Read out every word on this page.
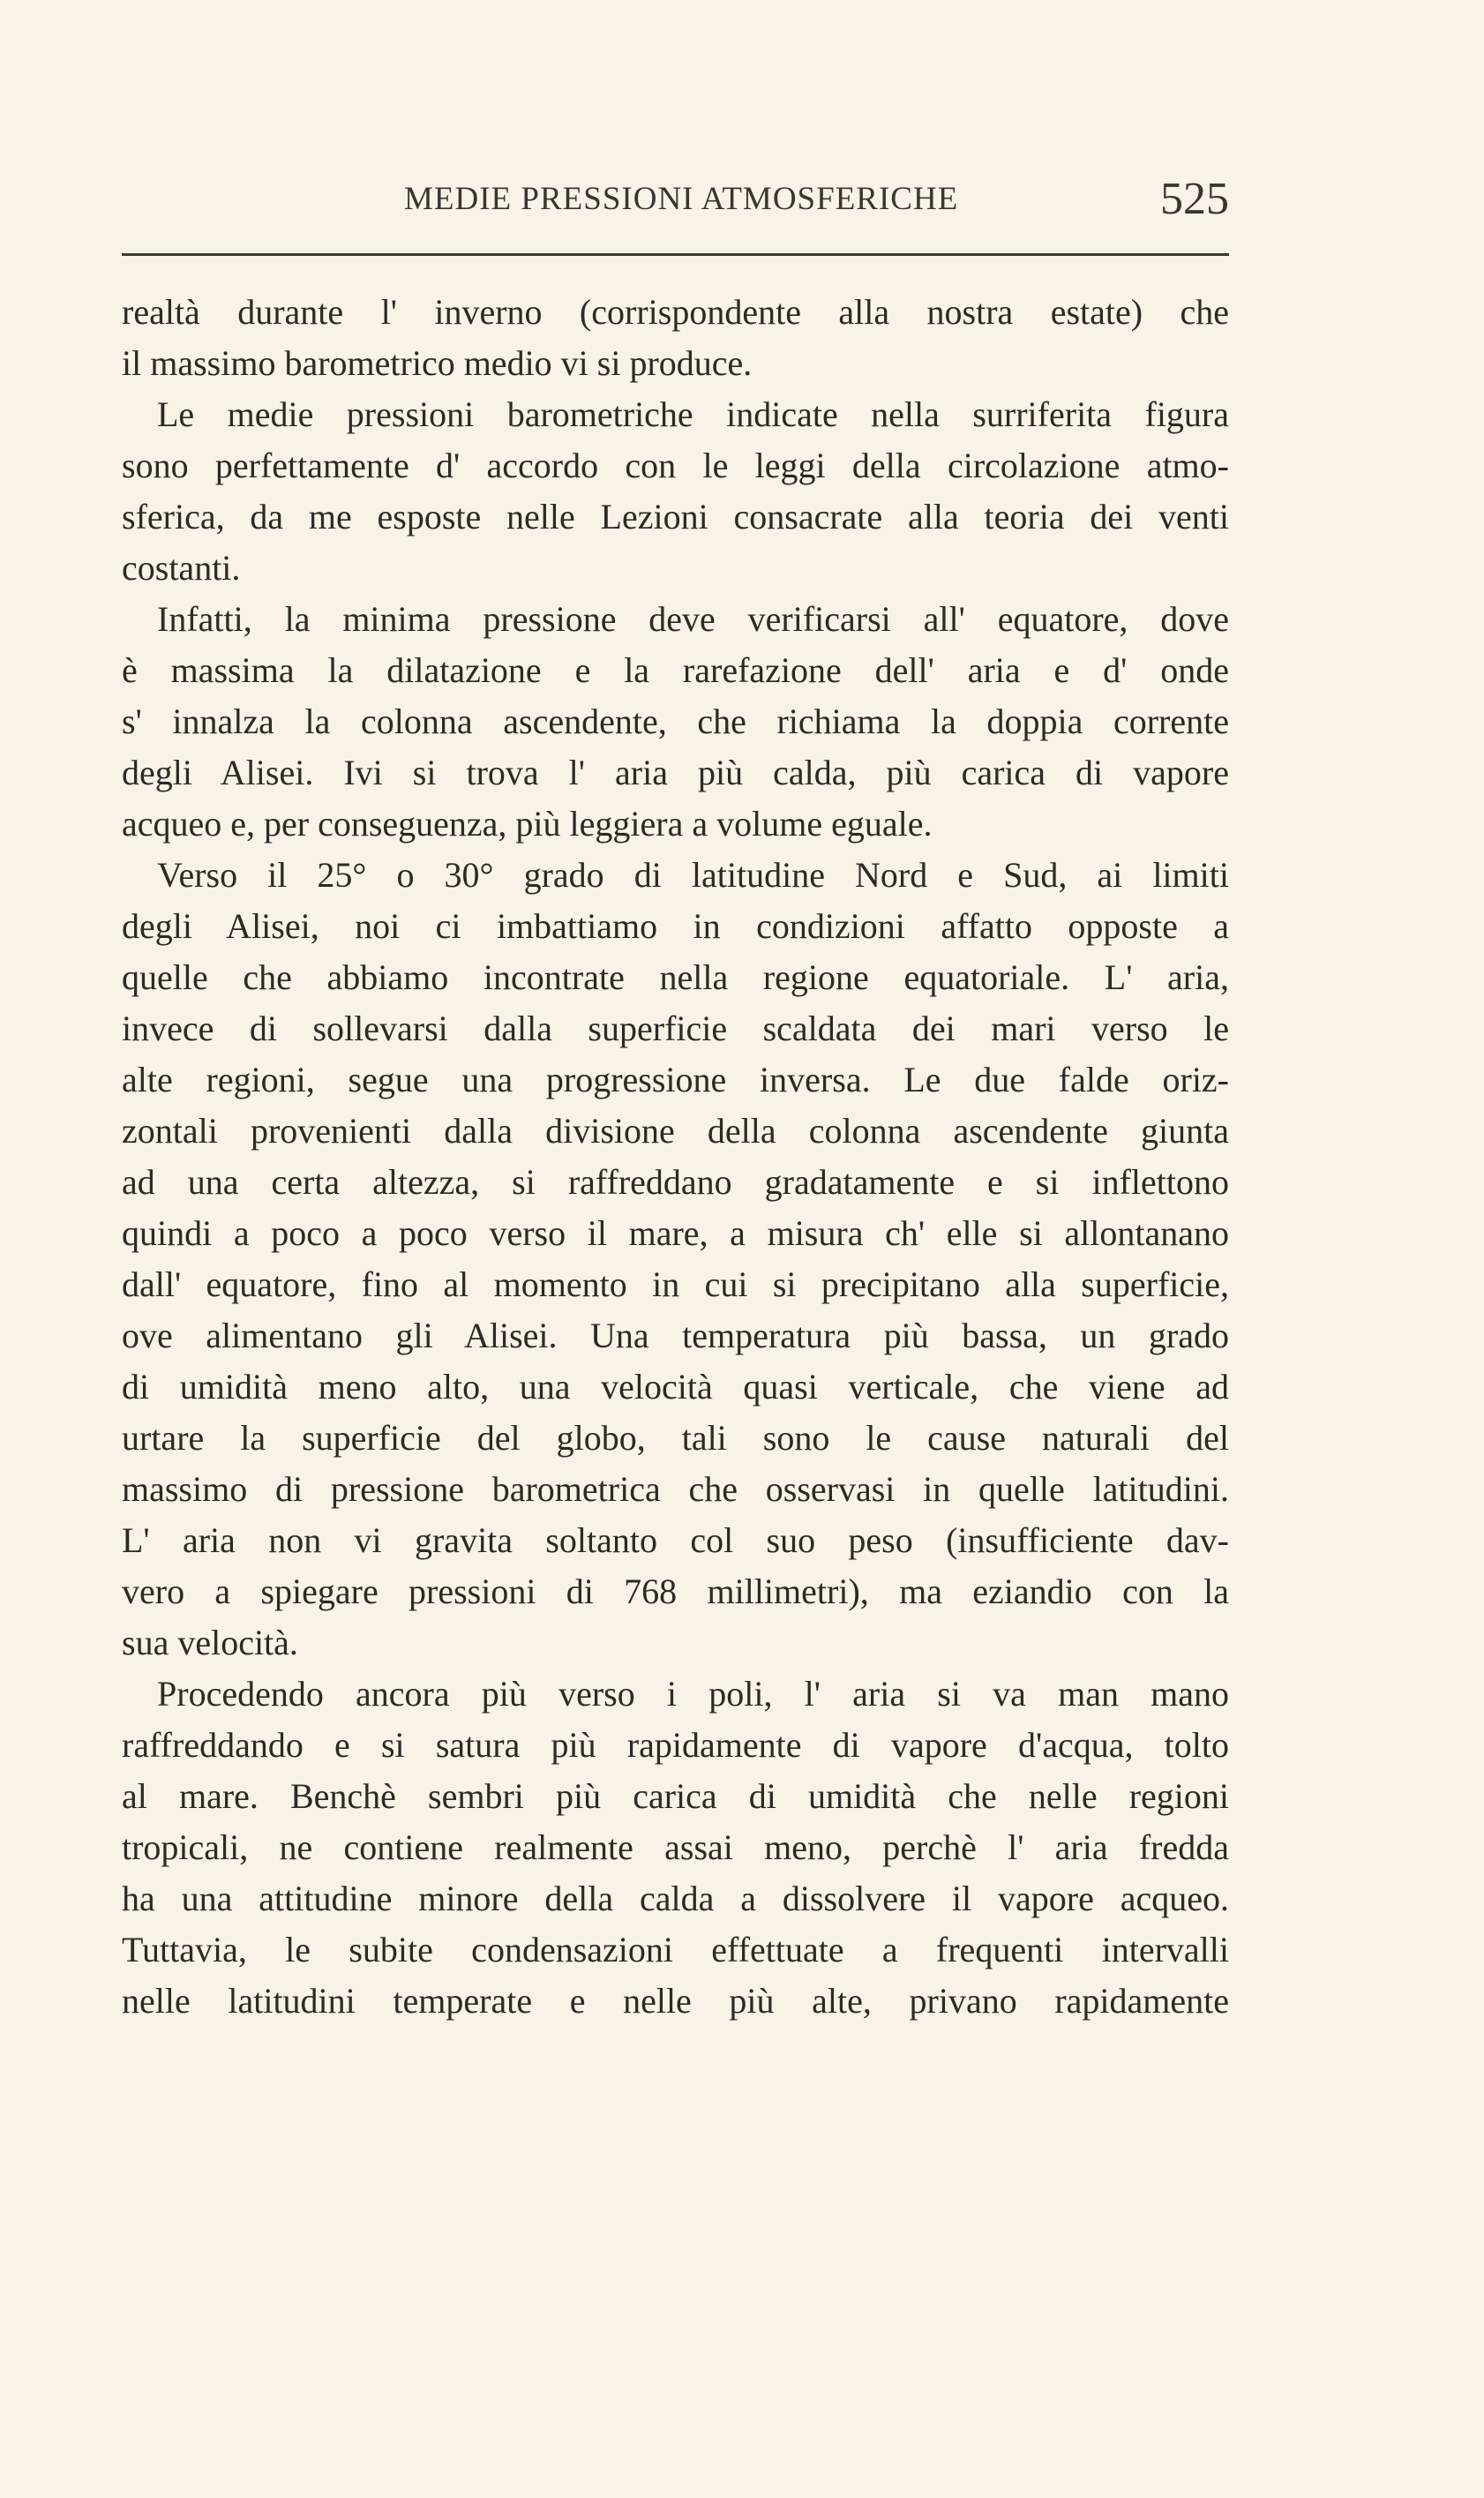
MEDIE PRESSIONI ATMOSFERICHE	525
realtà durante l' inverno (corrispondente alla nostra estate) che
il massimo barometrico medio vi si produce.
Le medie pressioni barometriche indicate nella surriferita figura
sono perfettamente d' accordo con le leggi della circolazione atmo-
sferica, da me esposte nelle Lezioni consacrate alla teoria dei venti
costanti.
Infatti, la minima pressione deve verificarsi all' equatore, dove
è massima la dilatazione e la rarefazione dell' aria e d' onde
s' innalza la colonna ascendente, che richiama la doppia corrente
degli Alisei. Ivi si trova l' aria più calda, più carica di vapore
acqueo e, per conseguenza, più leggiera a volume eguale.
Verso il 25° o 30° grado di latitudine Nord e Sud, ai limiti
degli Alisei, noi ci imbattiamo in condizioni affatto opposte a
quelle che abbiamo incontrate nella regione equatoriale. L' aria,
invece di sollevarsi dalla superficie scaldata dei mari verso le
alte regioni, segue una progressione inversa. Le due falde oriz-
zontali provenienti dalla divisione della colonna ascendente giunta
ad una certa altezza, si raffreddano gradatamente e si inflettono
quindi a poco a poco verso il mare, a misura ch' elle si allontanano
dall' equatore, fino al momento in cui si precipitano alla superficie,
ove alimentano gli Alisei. Una temperatura più bassa, un grado
di umidità meno alto, una velocità quasi verticale, che viene ad
urtare la superficie del globo, tali sono le cause naturali del
massimo di pressione barometrica che osservasi in quelle latitudini.
L' aria non vi gravita soltanto col suo peso (insufficiente dav-
vero a spiegare pressioni di 768 millimetri), ma eziandio con la
sua velocità.
Procedendo ancora più verso i poli, l' aria si va man mano
raffreddando e si satura più rapidamente di vapore d'acqua, tolto
al mare. Benchè sembri più carica di umidità che nelle regioni
tropicali, ne contiene realmente assai meno, perchè l' aria fredda
ha una attitudine minore della calda a dissolvere il vapore acqueo.
Tuttavia, le subite condensazioni effettuate a frequenti intervalli
nelle latitudini temperate e nelle più alte, privano rapidamente
